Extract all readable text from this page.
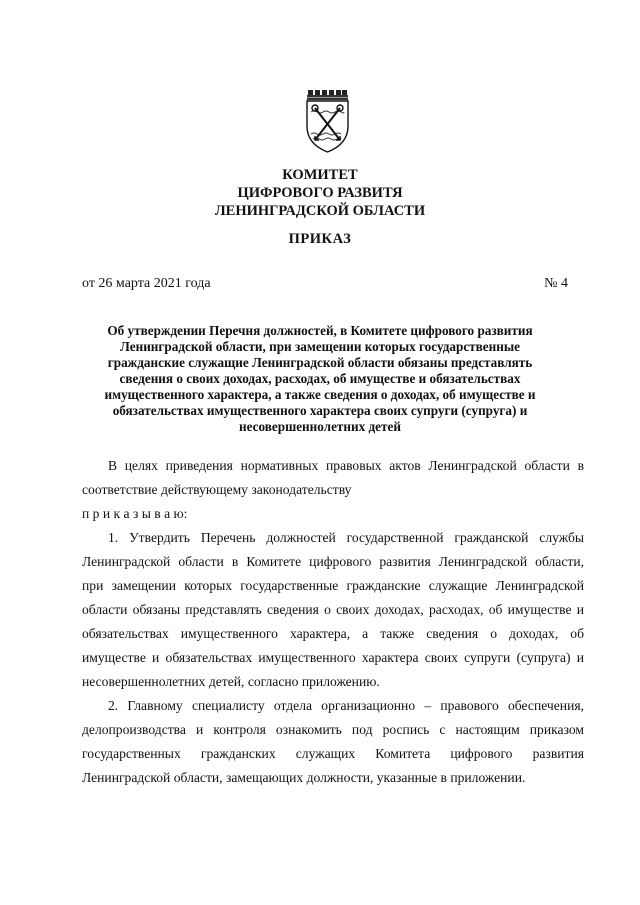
КОМИТЕТ
ЦИФРОВОГО РАЗВИТЯ
ЛЕНИНГРАДСКОЙ ОБЛАСТИ
ПРИКАЗ
от 26 марта 2021 года	№ 4
Об утверждении Перечня должностей, в Комитете цифрового развития
Ленинградской области, при замещении которых государственные
гражданские служащие Ленинградской области обязаны представлять
сведения о своих доходах, расходах, об имуществе и обязательствах
имущественного характера, а также сведения о доходах, об имуществе и
обязательствах имущественного характера своих супруги (супруга) и
несовершеннолетних детей
В целях приведения нормативных правовых актов Ленинградской области в
соответствие действующему законодательству
п р и к а з ы в а ю:
1. Утвердить Перечень должностей государственной гражданской службы
Ленинградской области в Комитете цифрового развития Ленинградской области,
при замещении которых государственные гражданские служащие Ленинградской
области обязаны представлять сведения о своих доходах, расходах, об имуществе и
обязательствах имущественного характера, а также сведения о доходах, об
имуществе и обязательствах имущественного характера своих супруги (супруга) и
несовершеннолетних детей, согласно приложению.
2. Главному специалисту отдела организационно – правового обеспечения,
делопроизводства и контроля ознакомить под роспись с настоящим приказом
государственных гражданских служащих Комитета цифрового развития
Ленинградской области, замещающих должности, указанные в приложении.
